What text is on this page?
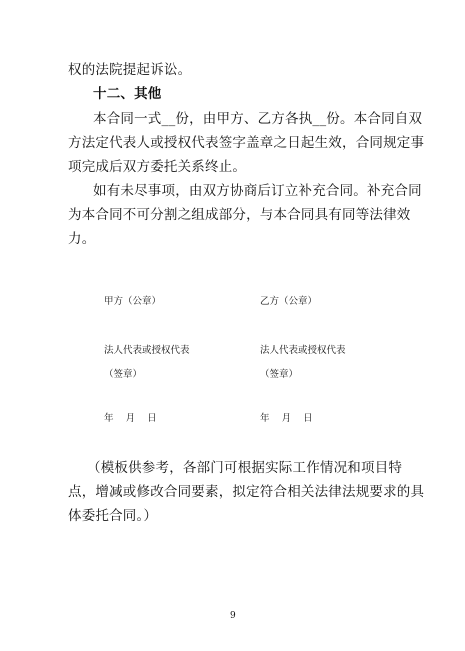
权的法院提起诉讼。
十二、其他
本合同一式__份，由甲方、乙方各执__份。本合同自双
方法定代表人或授权代表签字盖章之日起生效，合同规定事
项完成后双方委托关系终止。
如有未尽事项，由双方协商后订立补充合同。补充合同
为本合同不可分割之组成部分，与本合同具有同等法律效
力。
甲方（公章）	乙方（公章）
法人代表或授权代表	法人代表或授权代表
（签章）	（签章）
年    月    日	年    月    日
（模板供参考，各部门可根据实际工作情况和项目特
点，增减或修改合同要素，拟定符合相关法律法规要求的具
体委托合同。）
9
